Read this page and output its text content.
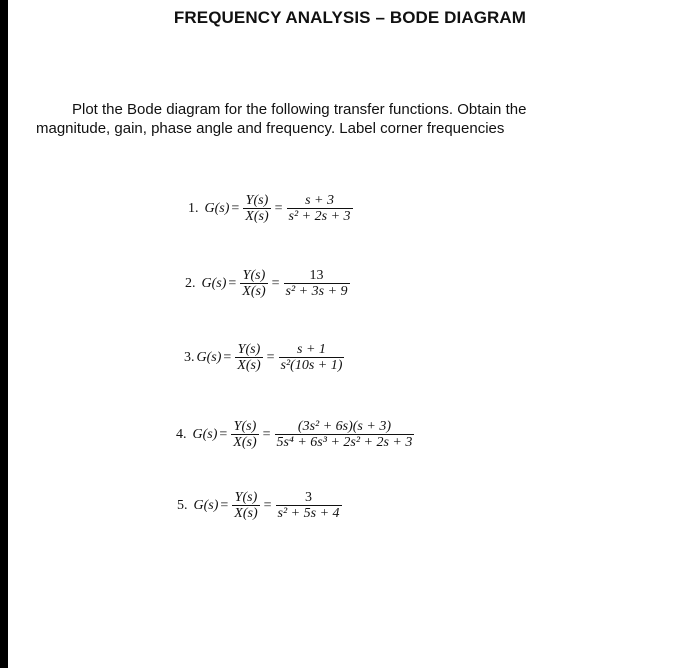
FREQUENCY ANALYSIS – BODE DIAGRAM
Plot the Bode diagram for the following transfer functions. Obtain the
magnitude, gain, phase angle and frequency. Label corner frequencies
1. $G(s) = \frac{Y(s)}{X(s)} = \frac{s + 3}{\text{s² + 2s + 3}}$
2. $G(s) = \frac{Y(s)}{X(s)} = \frac{13}{\text{s² + 3s + 9}}$
3. $G(s) = \frac{Y(s)}{X(s)} = \frac{s + 1}{\text{s²(10s + 1)}}$
4. $G(s) = \frac{Y(s)}{X(s)} = \frac{\text{(3s² + 6s)(s + 3)}}{\text{5s⁴ + 6s³ + 2s² + 2s + 3}}$
5. $G(s) = \frac{Y(s)}{X(s)} = \frac{3}{\text{s² + 5s + 4}}$
